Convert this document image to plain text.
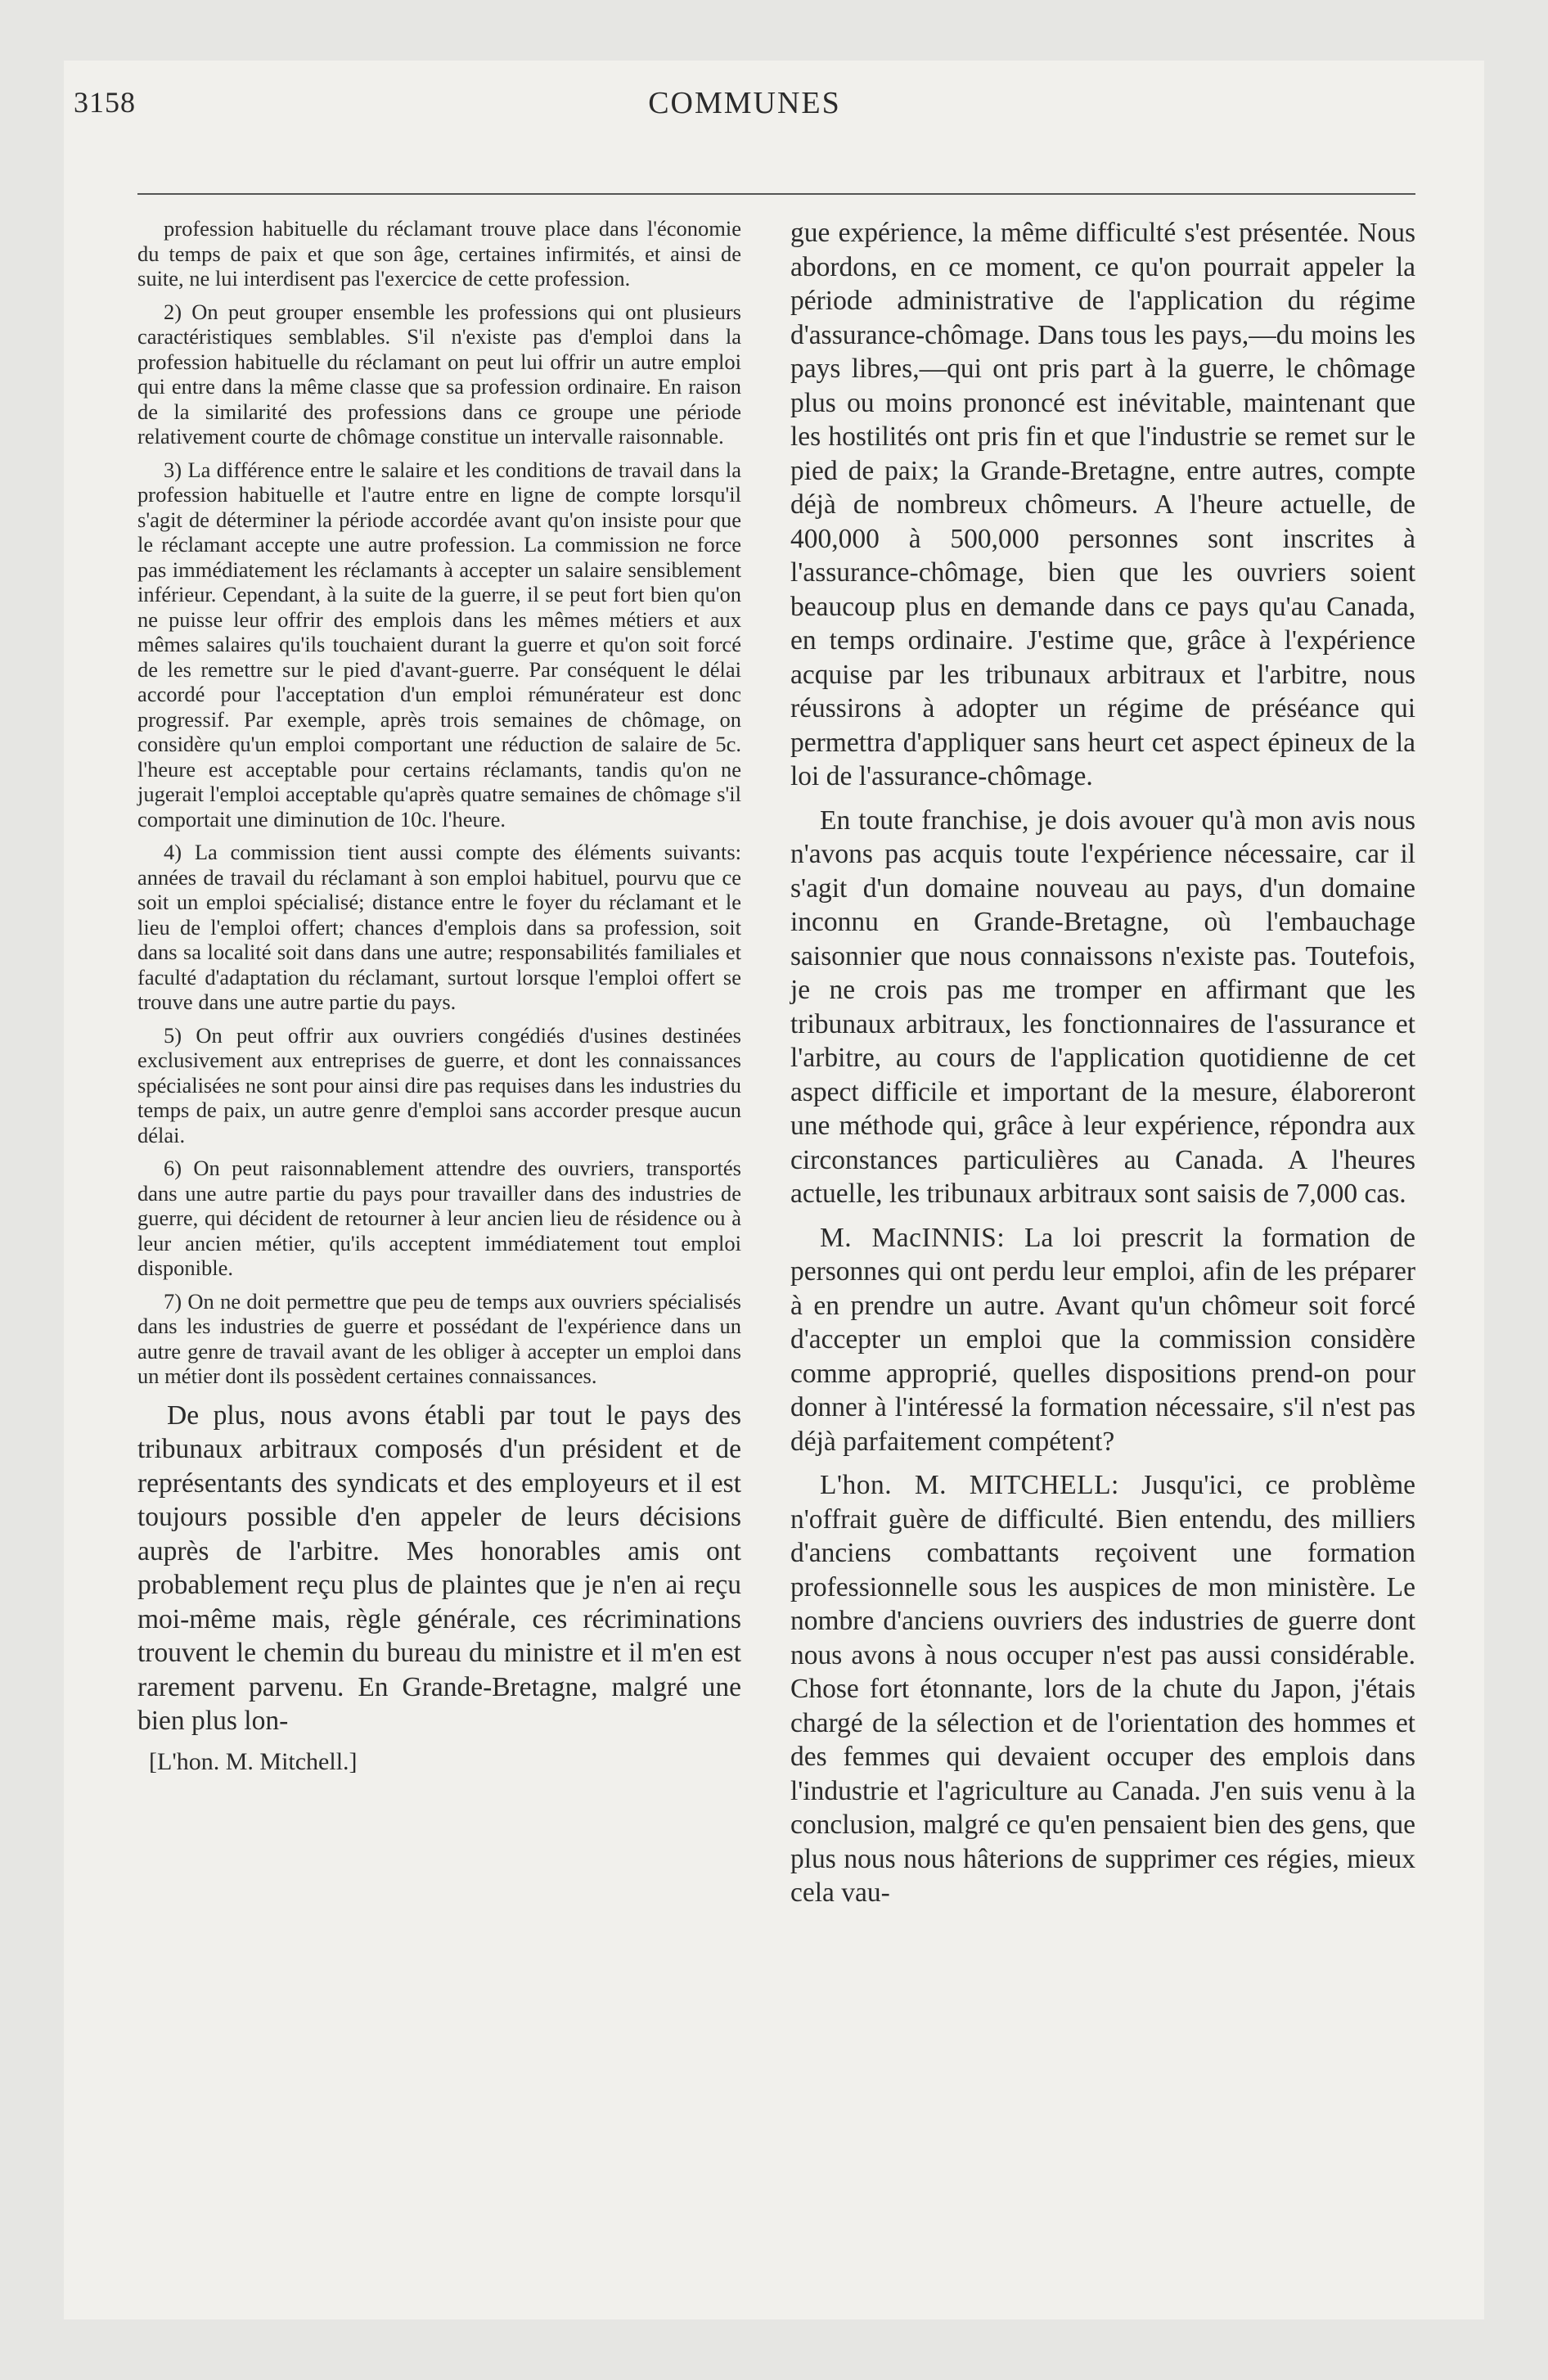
3158	COMMUNES

profession habituelle du réclamant trouve place dans l'économie du temps de paix et que son âge, certaines infirmités, et ainsi de suite, ne lui interdisent pas l'exercice de cette profession.

2) On peut grouper ensemble les professions qui ont plusieurs caractéristiques semblables. S'il n'existe pas d'emploi dans la profession habituelle du réclamant on peut lui offrir un autre emploi qui entre dans la même classe que sa profession ordinaire. En raison de la similarité des professions dans ce groupe une période relativement courte de chômage constitue un intervalle raisonnable.

3) La différence entre le salaire et les conditions de travail dans la profession habituelle et l'autre entre en ligne de compte lorsqu'il s'agit de déterminer la période accordée avant qu'on insiste pour que le réclamant accepte une autre profession. La commission ne force pas immédiatement les réclamants à accepter un salaire sensiblement inférieur. Cependant, à la suite de la guerre, il se peut fort bien qu'on ne puisse leur offrir des emplois dans les mêmes métiers et aux mêmes salaires qu'ils touchaient durant la guerre et qu'on soit forcé de les remettre sur le pied d'avant-guerre. Par conséquent le délai accordé pour l'acceptation d'un emploi rémunérateur est donc progressif. Par exemple, après trois semaines de chômage, on considère qu'un emploi comportant une réduction de salaire de 5c. l'heure est acceptable pour certains réclamants, tandis qu'on ne jugerait l'emploi acceptable qu'après quatre semaines de chômage s'il comportait une diminution de 10c. l'heure.

4) La commission tient aussi compte des éléments suivants: années de travail du réclamant à son emploi habituel, pourvu que ce soit un emploi spécialisé; distance entre le foyer du réclamant et le lieu de l'emploi offert; chances d'emplois dans sa profession, soit dans sa localité soit dans dans une autre; responsabilités familiales et faculté d'adaptation du réclamant, surtout lorsque l'emploi offert se trouve dans une autre partie du pays.

5) On peut offrir aux ouvriers congédiés d'usines destinées exclusivement aux entreprises de guerre, et dont les connaissances spécialisées ne sont pour ainsi dire pas requises dans les industries du temps de paix, un autre genre d'emploi sans accorder presque aucun délai.

6) On peut raisonnablement attendre des ouvriers, transportés dans une autre partie du pays pour travailler dans des industries de guerre, qui décident de retourner à leur ancien lieu de résidence ou à leur ancien métier, qu'ils acceptent immédiatement tout emploi disponible.

7) On ne doit permettre que peu de temps aux ouvriers spécialisés dans les industries de guerre et possédant de l'expérience dans un autre genre de travail avant de les obliger à accepter un emploi dans un métier dont ils possèdent certaines connaissances.

De plus, nous avons établi par tout le pays des tribunaux arbitraux composés d'un président et de représentants des syndicats et des employeurs et il est toujours possible d'en appeler de leurs décisions auprès de l'arbitre. Mes honorables amis ont probablement reçu plus de plaintes que je n'en ai reçu moi-même mais, règle générale, ces récriminations trouvent le chemin du bureau du ministre et il m'en est rarement parvenu. En Grande-Bretagne, malgré une bien plus lon-

[L'hon. M. Mitchell.]

gue expérience, la même difficulté s'est présentée. Nous abordons, en ce moment, ce qu'on pourrait appeler la période administrative de l'application du régime d'assurance-chômage. Dans tous les pays,—du moins les pays libres,—qui ont pris part à la guerre, le chômage plus ou moins prononcé est inévitable, maintenant que les hostilités ont pris fin et que l'industrie se remet sur le pied de paix; la Grande-Bretagne, entre autres, compte déjà de nombreux chômeurs. A l'heure actuelle, de 400,000 à 500,000 personnes sont inscrites à l'assurance-chômage, bien que les ouvriers soient beaucoup plus en demande dans ce pays qu'au Canada, en temps ordinaire. J'estime que, grâce à l'expérience acquise par les tribunaux arbitraux et l'arbitre, nous réussirons à adopter un régime de préséance qui permettra d'appliquer sans heurt cet aspect épineux de la loi de l'assurance-chômage.

En toute franchise, je dois avouer qu'à mon avis nous n'avons pas acquis toute l'expérience nécessaire, car il s'agit d'un domaine nouveau au pays, d'un domaine inconnu en Grande-Bretagne, où l'embauchage saisonnier que nous connaissons n'existe pas. Toutefois, je ne crois pas me tromper en affirmant que les tribunaux arbitraux, les fonctionnaires de l'assurance et l'arbitre, au cours de l'application quotidienne de cet aspect difficile et important de la mesure, élaboreront une méthode qui, grâce à leur expérience, répondra aux circonstances particulières au Canada. A l'heures actuelle, les tribunaux arbitraux sont saisis de 7,000 cas.

M. MacINNIS: La loi prescrit la formation de personnes qui ont perdu leur emploi, afin de les préparer à en prendre un autre. Avant qu'un chômeur soit forcé d'accepter un emploi que la commission considère comme approprié, quelles dispositions prend-on pour donner à l'intéressé la formation nécessaire, s'il n'est pas déjà parfaitement compétent?

L'hon. M. MITCHELL: Jusqu'ici, ce problème n'offrait guère de difficulté. Bien entendu, des milliers d'anciens combattants reçoivent une formation professionnelle sous les auspices de mon ministère. Le nombre d'anciens ouvriers des industries de guerre dont nous avons à nous occuper n'est pas aussi considérable. Chose fort étonnante, lors de la chute du Japon, j'étais chargé de la sélection et de l'orientation des hommes et des femmes qui devaient occuper des emplois dans l'industrie et l'agriculture au Canada. J'en suis venu à la conclusion, malgré ce qu'en pensaient bien des gens, que plus nous nous hâterions de supprimer ces régies, mieux cela vau-
